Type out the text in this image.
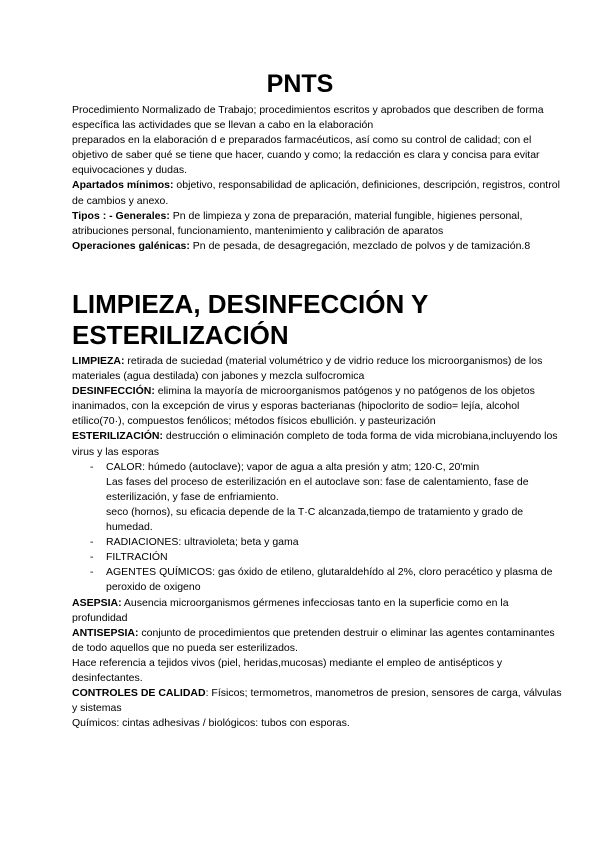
PNTS

Procedimiento Normalizado de Trabajo; procedimientos escritos y aprobados que describen de forma específica las actividades que se llevan a cabo en la elaboración

preparados en la elaboración d e preparados farmacéuticos, así como su control de calidad; con el objetivo de saber qué se tiene que hacer, cuando y como; la redacción es clara y concisa para evitar equivocaciones y dudas.

Apartados mínimos: objetivo, responsabilidad de aplicación, definiciones, descripción, registros, control de cambios y anexo.

Tipos : - Generales: Pn de limpieza y zona de preparación, material fungible, higienes personal, atribuciones personal, funcionamiento, mantenimiento y calibración de aparatos

Operaciones galénicas: Pn de pesada, de desagregación, mezclado de polvos y de tamización.8

LIMPIEZA, DESINFECCIÓN Y ESTERILIZACIÓN

LIMPIEZA: retirada de suciedad (material volumétrico y de vidrio reduce los microorganismos) de los materiales (agua destilada) con jabones y mezcla sulfocromica

DESINFECCIÓN: elimina la mayoría de microorganismos patógenos y no patógenos de los objetos inanimados, con la excepción de virus y esporas bacterianas (hipoclorito de sodio= lejía, alcohol etílico(70·), compuestos fenólicos; métodos físicos ebullición. y pasteurización

ESTERILIZACIÓN: destrucción o eliminación completo de toda forma de vida microbiana,incluyendo los virus y las esporas

- CALOR: húmedo (autoclave); vapor de agua a alta presión y atm; 120·C, 20'min
Las fases del proceso de esterilización en el autoclave son: fase de calentamiento, fase de esterilización, y fase de enfriamiento.
seco (hornos), su eficacia depende de la T·C alcanzada,tiempo de tratamiento y grado de humedad.
- RADIACIONES: ultravioleta; beta y gama
- FILTRACIÓN
- AGENTES QUÍMICOS: gas óxido de etileno, glutaraldehído al 2%, cloro peracético y plasma de peroxido de oxigeno

ASEPSIA: Ausencia microorganismos gérmenes infecciosas tanto en la superficie como en la profundidad

ANTISEPSIA: conjunto de procedimientos que pretenden destruir o eliminar las agentes contaminantes de todo aquellos que no pueda ser esterilizados.

Hace referencia a tejidos vivos (piel, heridas,mucosas) mediante el empleo de antisépticos y desinfectantes.

CONTROLES DE CALIDAD: Físicos; termometros, manometros de presion, sensores de carga, válvulas y sistemas

Químicos: cintas adhesivas / biológicos: tubos con esporas.
